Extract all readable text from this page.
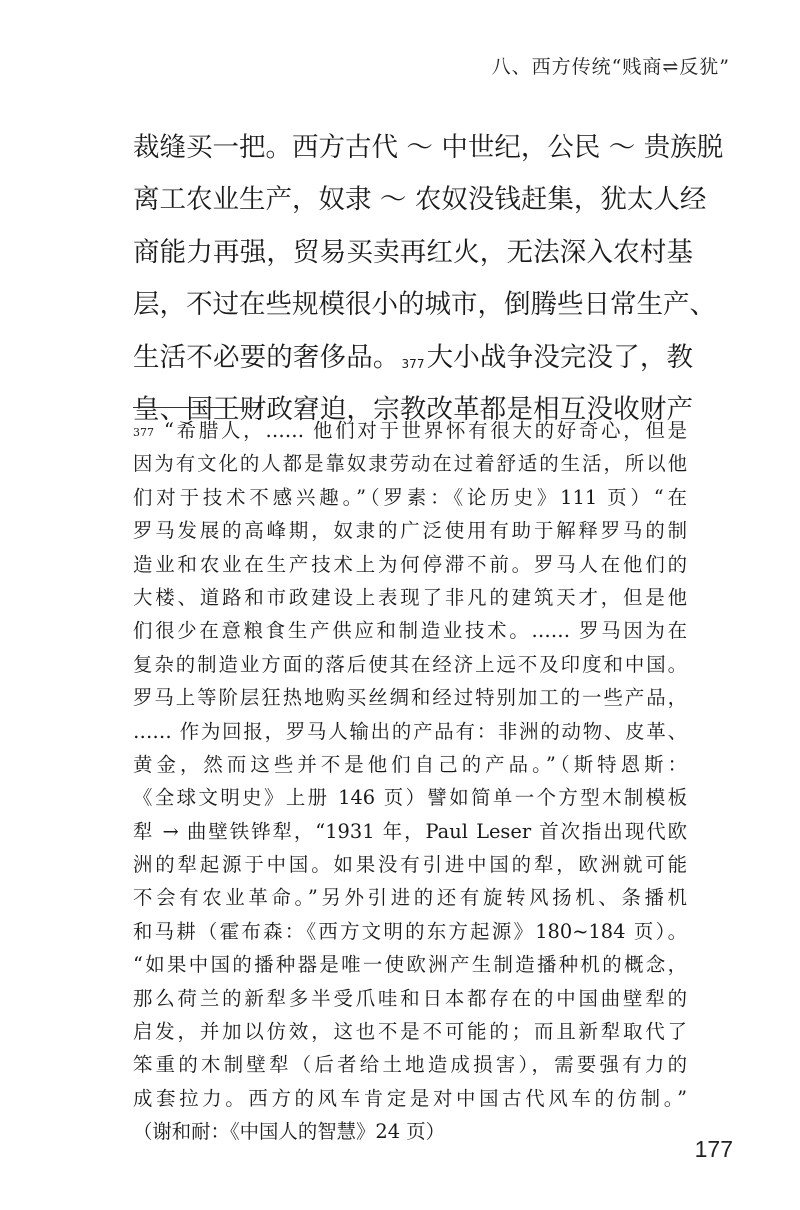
八、西方传统“贱商⇌反犹”
裁缝买一把。西方古代 ～ 中世纪，公民 ～ 贵族脱
离工农业生产，奴隶 ～ 农奴没钱赶集，犹太人经
商能力再强，贸易买卖再红火，无法深入农村基
层，不过在些规模很小的城市，倒腾些日常生产、
生活不必要的奢侈品。 $^{377}$大小战争没完没了，教
皇、国王财政窘迫，宗教改革都是相互没收财产
$^{377}$ “希腊人，…… 他们对于世界怀有很大的好奇心，但是
因为有文化的人都是靠奴隶劳动在过着舒适的生活，所以他
们对于技术不感兴趣。”（罗素：《论历史》111 页）“在
罗马发展的高峰期，奴隶的广泛使用有助于解释罗马的制
造业和农业在生产技术上为何停滞不前。罗马人在他们的
大楼、道路和市政建设上表现了非凡的建筑天才，但是他
们很少在意粮食生产供应和制造业技术。…… 罗马因为在
复杂的制造业方面的落后使其在经济上远不及印度和中国。
罗马上等阶层狂热地购买丝绸和经过特别加工的一些产品，
…… 作为回报，罗马人输出的产品有：非洲的动物、皮革、
黄金，然而这些并不是他们自己的产品。”（斯特恩斯：
《全球文明史》上册 146 页）譬如简单一个方型木制模板
犁 → 曲壁铁铧犁，“1931 年，Paul Leser 首次指出现代欧
洲的犁起源于中国。如果没有引进中国的犁，欧洲就可能
不会有农业革命。”另外引进的还有旋转风扬机、条播机
和马耕（霍布森：《西方文明的东方起源》180~184 页）。
“如果中国的播种器是唯一使欧洲产生制造播种机的概念，
那么荷兰的新犁多半受爪哇和日本都存在的中国曲壁犁的
启发，并加以仿效，这也不是不可能的；而且新犁取代了
笨重的木制壁犁（后者给土地造成损害），需要强有力的
成套拉力。西方的风车肯定是对中国古代风车的仿制。”
（谢和耐：《中国人的智慧》24 页）
177
